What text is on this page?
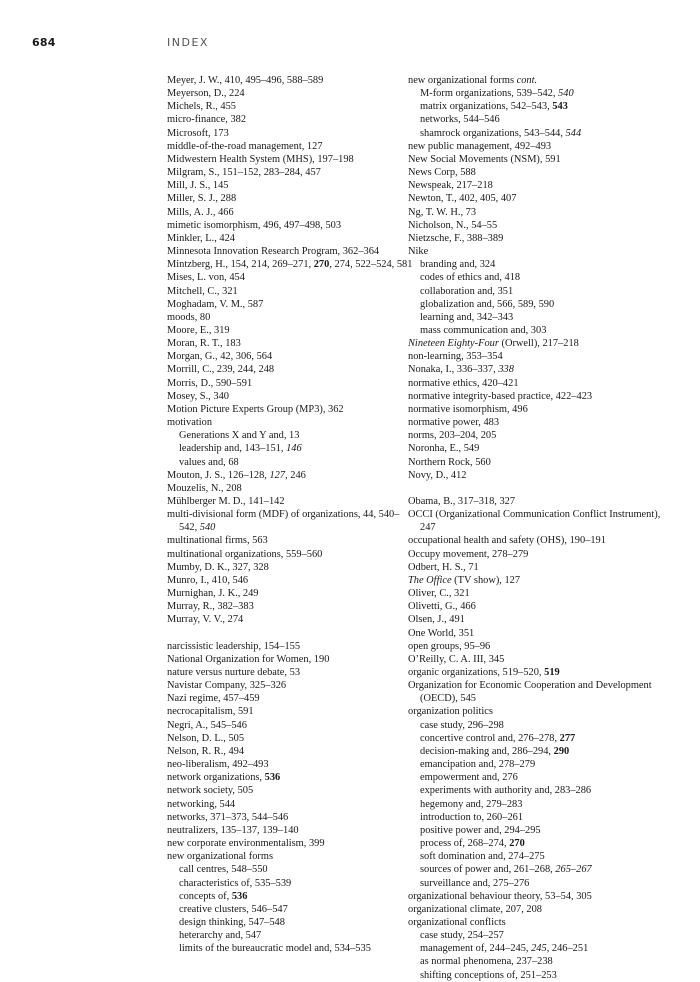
684	INDEX
Meyer, J. W., 410, 495–496, 588–589
Meyerson, D., 224
Michels, R., 455
micro-finance, 382
Microsoft, 173
middle-of-the-road management, 127
Midwestern Health System (MHS), 197–198
Milgram, S., 151–152, 283–284, 457
Mill, J. S., 145
Miller, S. J., 288
Mills, A. J., 466
mimetic isomorphism, 496, 497–498, 503
Minkler, L., 424
Minnesota Innovation Research Program, 362–364
Mintzberg, H., 154, 214, 269–271, 270, 274, 522–524, 581
Mises, L. von, 454
Mitchell, C., 321
Moghadam, V. M., 587
moods, 80
Moore, E., 319
Moran, R. T., 183
Morgan, G., 42, 306, 564
Morrill, C., 239, 244, 248
Morris, D., 590–591
Mosey, S., 340
Motion Picture Experts Group (MP3), 362
motivation
Generations X and Y and, 13
leadership and, 143–151, 146
values and, 68
Mouton, J. S., 126–128, 127, 246
Mouzelis, N., 208
Mühlberger M. D., 141–142
multi-divisional form (MDF) of organizations, 44, 540–542, 540
multinational firms, 563
multinational organizations, 559–560
Mumby, D. K., 327, 328
Munro, I., 410, 546
Murnighan, J. K., 249
Murray, R., 382–383
Murray, V. V., 274
narcissistic leadership, 154–155
National Organization for Women, 190
nature versus nurture debate, 53
Navistar Company, 325–326
Nazi regime, 457–459
necrocapitalism, 591
Negri, A., 545–546
Nelson, D. L., 505
Nelson, R. R., 494
neo-liberalism, 492–493
network organizations, 536
network society, 505
networking, 544
networks, 371–373, 544–546
neutralizers, 135–137, 139–140
new corporate environmentalism, 399
new organizational forms
call centres, 548–550
characteristics of, 535–539
concepts of, 536
creative clusters, 546–547
design thinking, 547–548
heterarchy and, 547
limits of the bureaucratic model and, 534–535
new organizational forms cont.
M-form organizations, 539–542, 540
matrix organizations, 542–543, 543
networks, 544–546
shamrock organizations, 543–544, 544
new public management, 492–493
New Social Movements (NSM), 591
News Corp, 588
Newspeak, 217–218
Newton, T., 402, 405, 407
Ng, T. W. H., 73
Nicholson, N., 54–55
Nietzsche, F., 388–389
Nike
branding and, 324
codes of ethics and, 418
collaboration and, 351
globalization and, 566, 589, 590
learning and, 342–343
mass communication and, 303
Nineteen Eighty-Four (Orwell), 217–218
non-learning, 353–354
Nonaka, I., 336–337, 338
normative ethics, 420–421
normative integrity-based practice, 422–423
normative isomorphism, 496
normative power, 483
norms, 203–204, 205
Noronha, E., 549
Northern Rock, 560
Novy, D., 412
Obama, B., 317–318, 327
OCCI (Organizational Communication Conflict Instrument), 247
occupational health and safety (OHS), 190–191
Occupy movement, 278–279
Odbert, H. S., 71
The Office (TV show), 127
Oliver, C., 321
Olivetti, G., 466
Olsen, J., 491
One World, 351
open groups, 95–96
O’Reilly, C. A. III, 345
organic organizations, 519–520, 519
Organization for Economic Cooperation and Development (OECD), 545
organization politics
case study, 296–298
concertive control and, 276–278, 277
decision-making and, 286–294, 290
emancipation and, 278–279
empowerment and, 276
experiments with authority and, 283–286
hegemony and, 279–283
introduction to, 260–261
positive power and, 294–295
process of, 268–274, 270
soft domination and, 274–275
sources of power and, 261–268, 265–267
surveillance and, 275–276
organizational behaviour theory, 53–54, 305
organizational climate, 207, 208
organizational conflicts
case study, 254–257
management of, 244–245, 245, 246–251
as normal phenomena, 237–238
shifting conceptions of, 251–253
